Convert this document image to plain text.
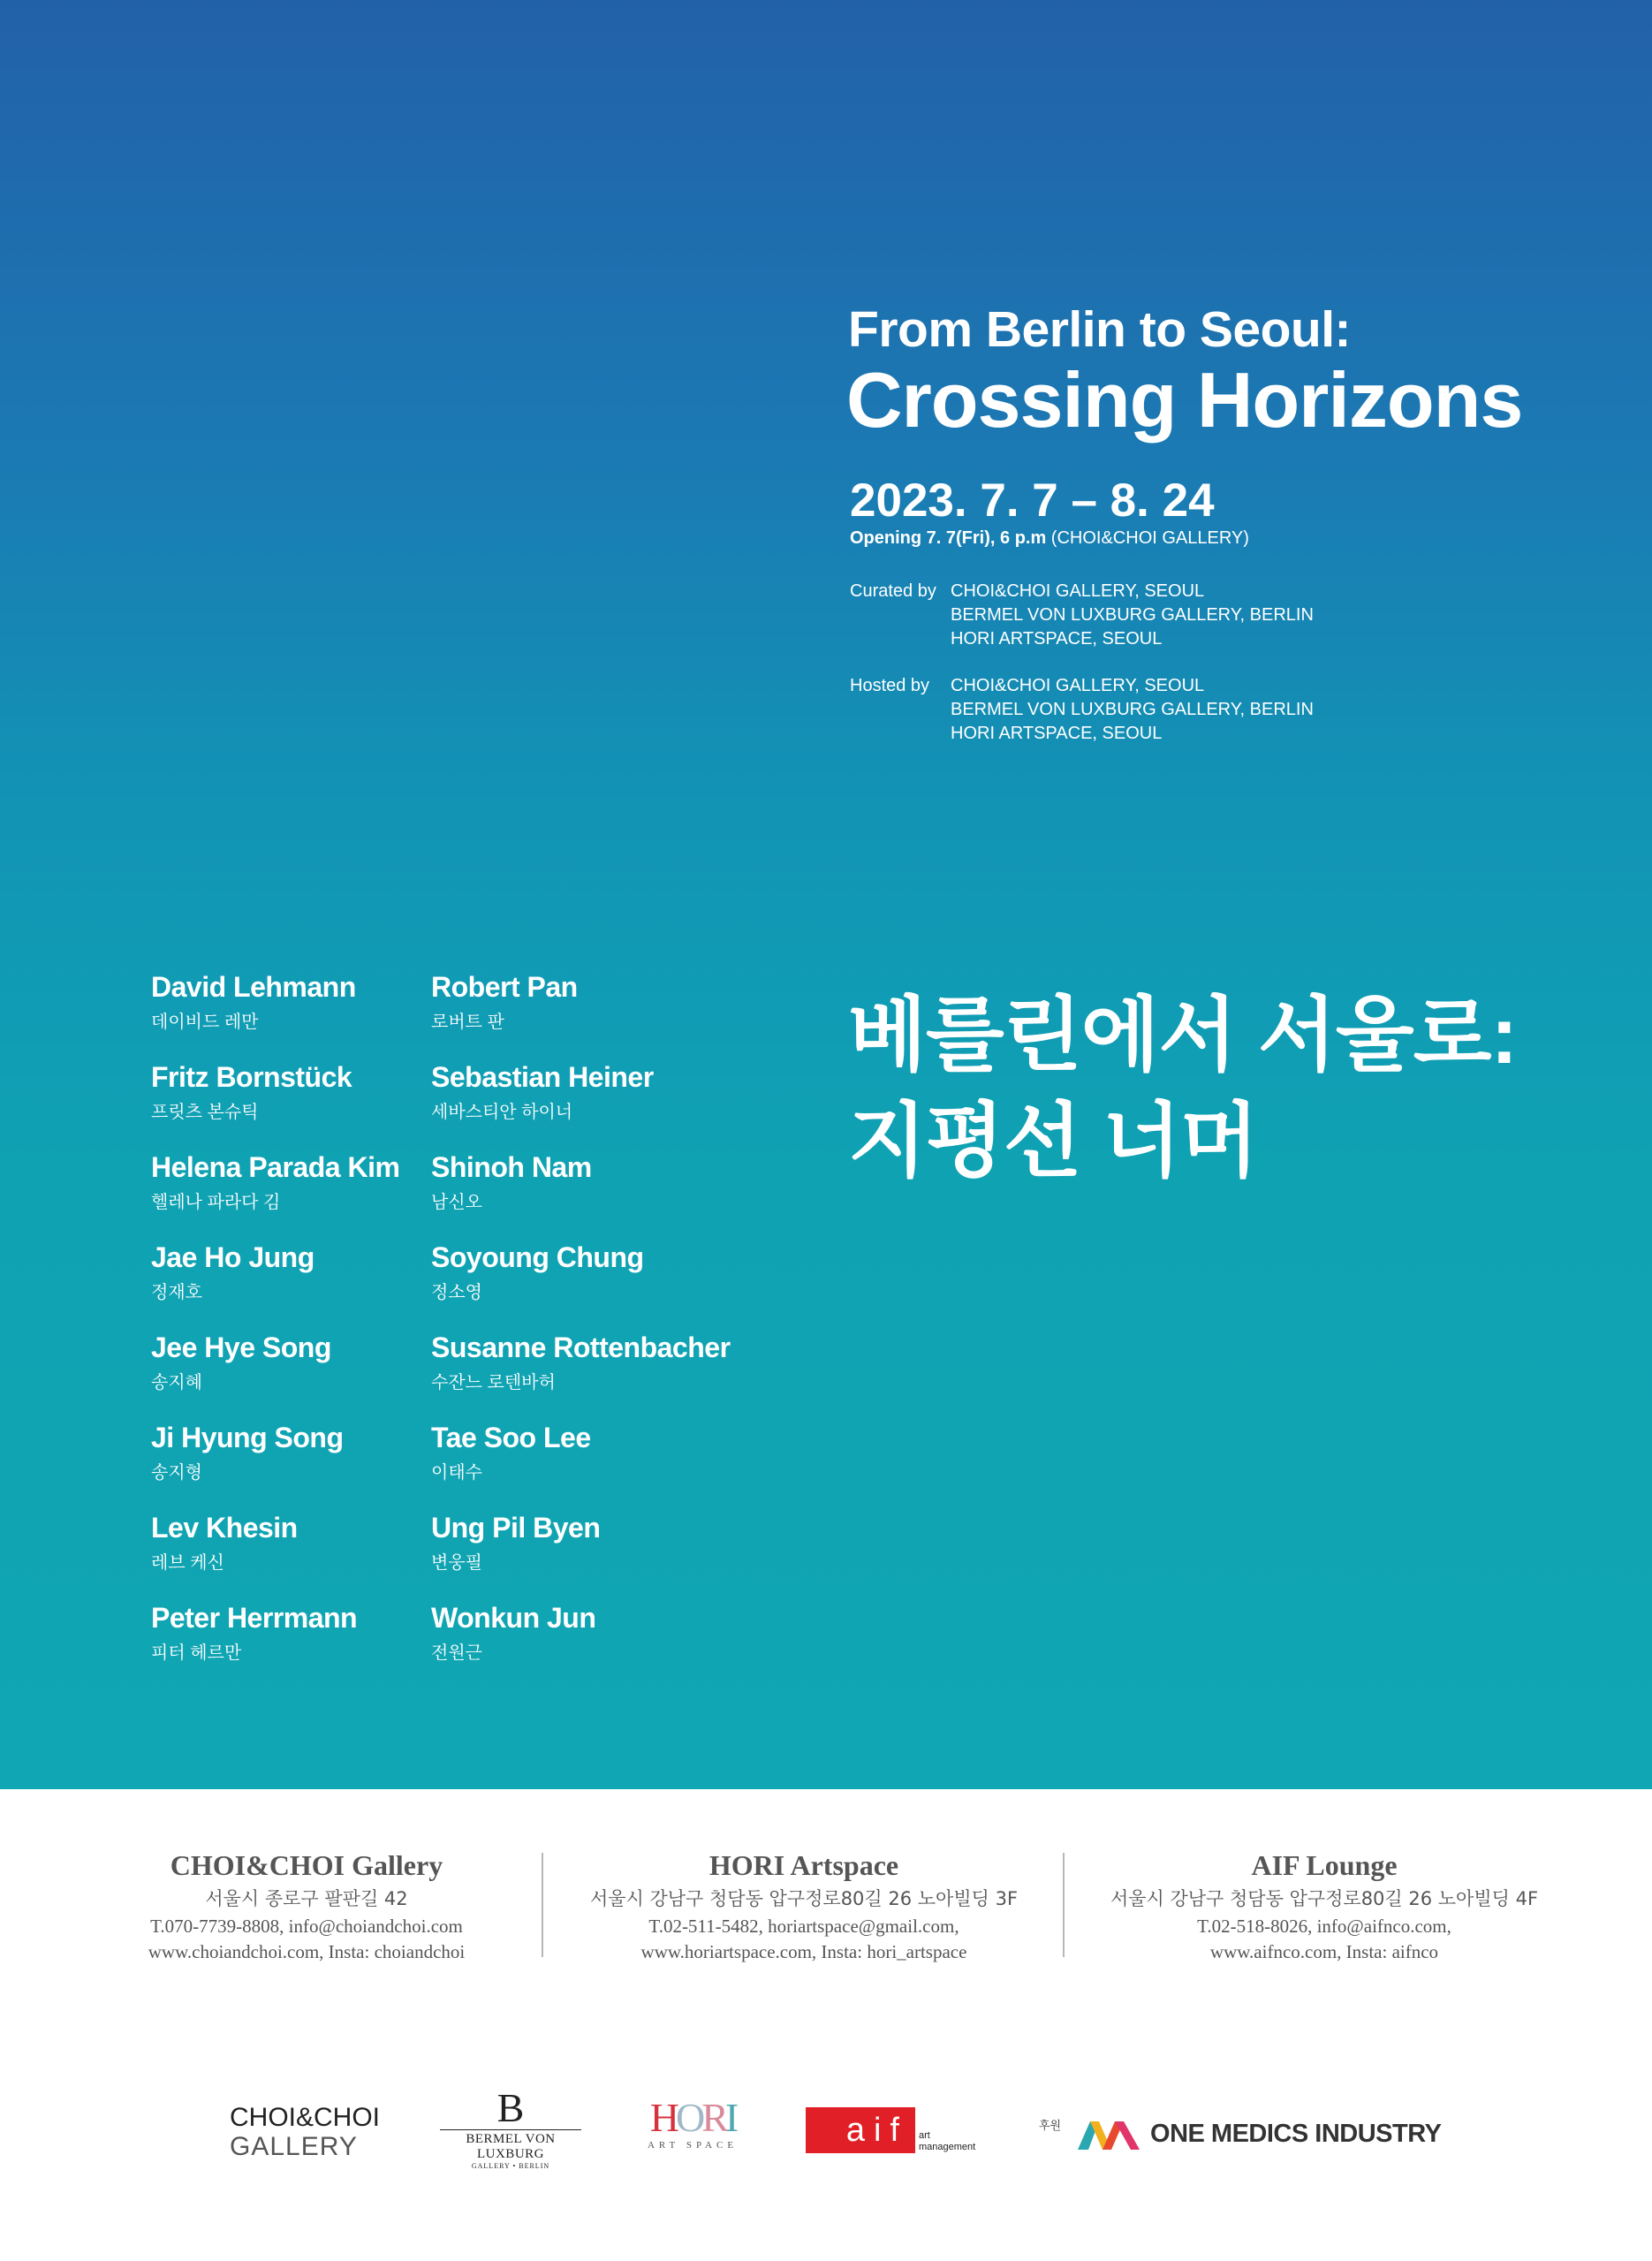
From Berlin to Seoul:
Crossing Horizons
2023. 7. 7 – 8. 24
Opening 7. 7(Fri), 6 p.m (CHOI&CHOI GALLERY)
Curated by CHOI&CHOI GALLERY, SEOUL
BERMEL VON LUXBURG GALLERY, BERLIN
HORI ARTSPACE, SEOUL
Hosted by CHOI&CHOI GALLERY, SEOUL
BERMEL VON LUXBURG GALLERY, BERLIN
HORI ARTSPACE, SEOUL
베를린에서 서울로:
지평선 너머
David Lehmann
데이비드 레만
Fritz Bornstück
프릿츠 본슈틱
Helena Parada Kim
헬레나 파라다 김
Jae Ho Jung
정재호
Jee Hye Song
송지혜
Ji Hyung Song
송지형
Lev Khesin
레브 케신
Peter Herrmann
피터 헤르만
Robert Pan
로버트 판
Sebastian Heiner
세바스티안 하이너
Shinoh Nam
남신오
Soyoung Chung
정소영
Susanne Rottenbacher
수잔느 로텐바허
Tae Soo Lee
이태수
Ung Pil Byen
변웅필
Wonkun Jun
전원근
CHOI&CHOI Gallery
서울시 종로구 팔판길 42
T.070-7739-8808, info@choiandchoi.com
www.choiandchoi.com, Insta: choiandchoi
HORI Artspace
서울시 강남구 청담동 압구정로80길 26 노아빌딩 3F
T.02-511-5482, horiartspace@gmail.com,
www.horiartspace.com, Insta: hori_artspace
AIF Lounge
서울시 강남구 청담동 압구정로80길 26 노아빌딩 4F
T.02-518-8026, info@aifnco.com,
www.aifnco.com, Insta: aifnco
CHOI&CHOI
GALLERY
B
BERMEL VON LUXBURG
GALLERY • BERLIN
HORI
ART SPACE	aif art
management
$^{후원}$	ONE MEDICS INDUSTRY
